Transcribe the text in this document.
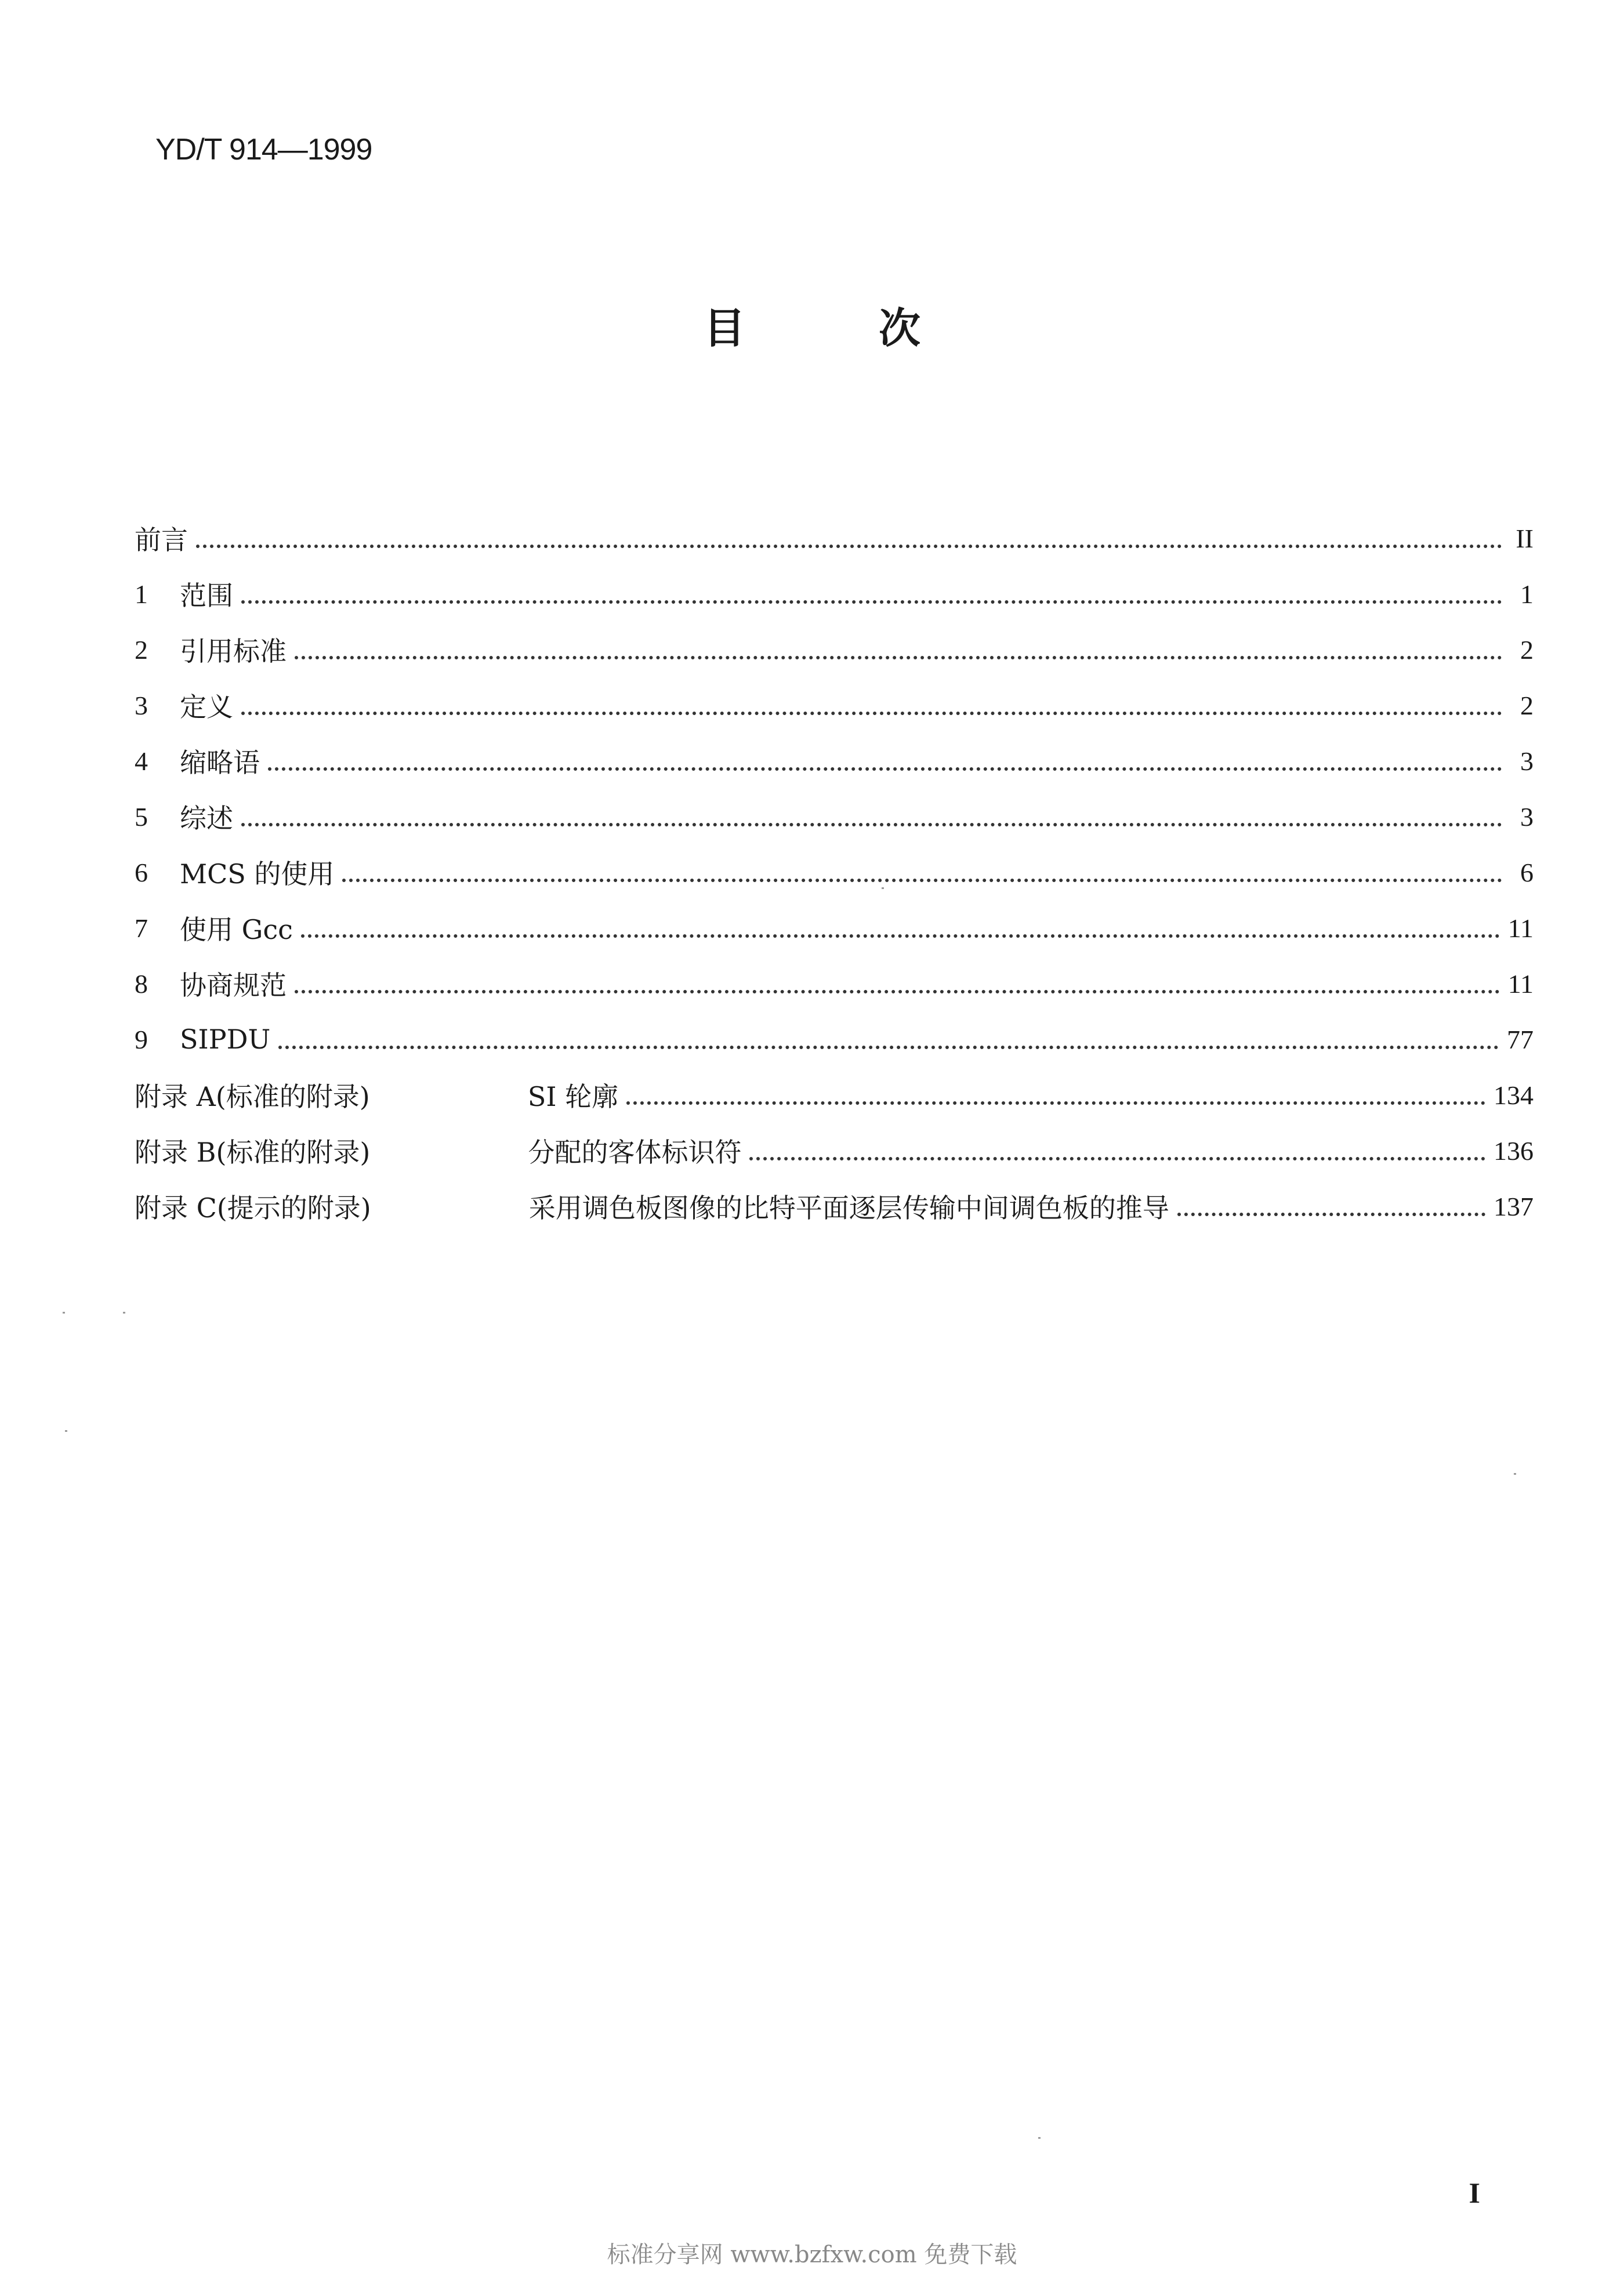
YD/T 914—1999
目	次
前言	II
1	范围	1
2	引用标准	2
3	定义	2
4	缩略语	3
5	综述	3
6	MCS 的使用	6
7	使用 Gcc	11
8	协商规范	11
9	SIPDU	77
附录 A (标准的附录)	SI 轮廓	134
附录 B (标准的附录)	分配的客体标识符	136
附录 C (提示的附录)	采用调色板图像的比特平面逐层传输中间调色板的推导	137
I
标准分享网 www.bzfxw.com 免费下载
